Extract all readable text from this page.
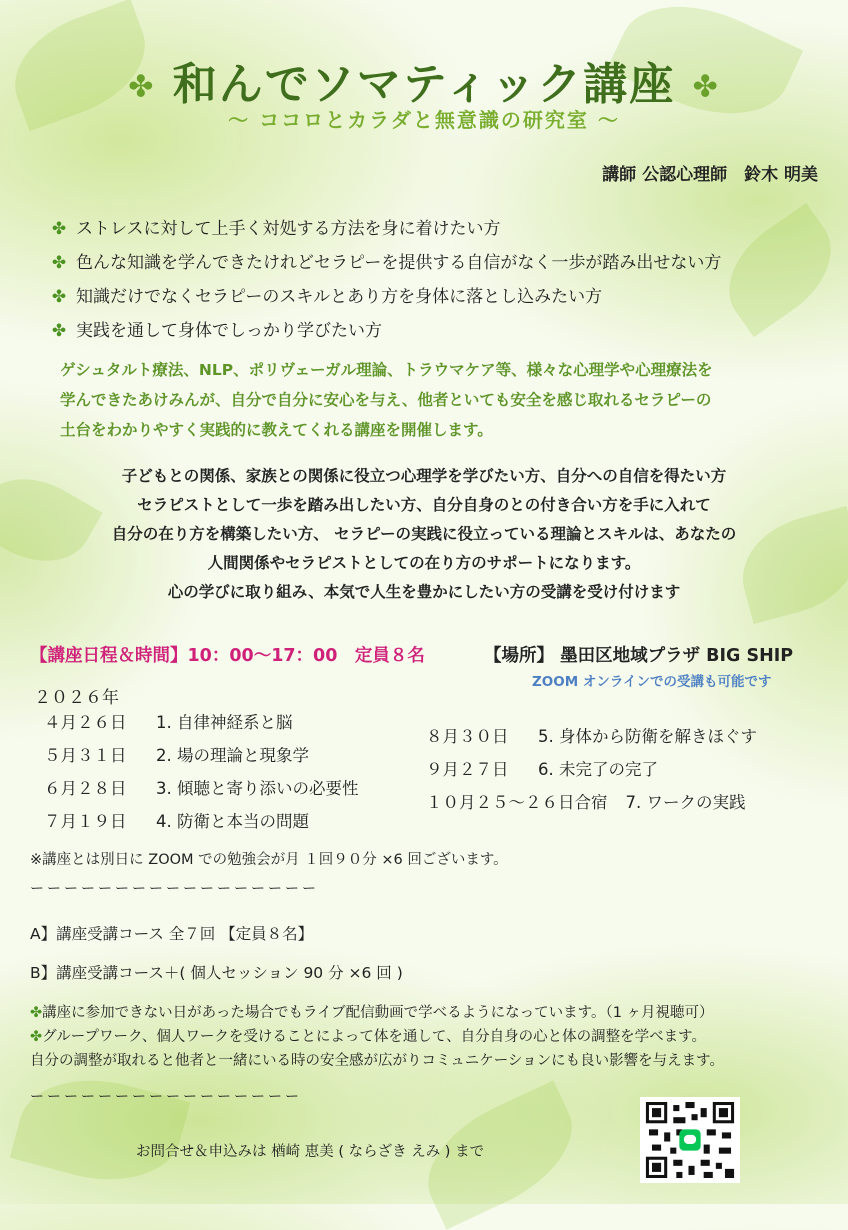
✤ 和んでソマティック講座 ✤
～ ココロとカラダと無意識の研究室 ～
講師 公認心理師　鈴木 明美
✤ ストレスに対して上手く対処する方法を身に着けたい方
✤ 色んな知識を学んできたけれどセラピーを提供する自信がなく一歩が踏み出せない方
✤ 知識だけでなくセラピーのスキルとあり方を身体に落とし込みたい方
✤ 実践を通して身体でしっかり学びたい方
ゲシュタルト療法、NLP、ポリヴェーガル理論、トラウマケア等、様々な心理学や心理療法を
学んできたあけみんが、自分で自分に安心を与え、他者といても安全を感じ取れるセラピーの
土台をわかりやすく実践的に教えてくれる講座を開催します。
子どもとの関係、家族との関係に役立つ心理学を学びたい方、自分への自信を得たい方
セラピストとして一歩を踏み出したい方、自分自身のとの付き合い方を手に入れて
自分の在り方を構築したい方、 セラピーの実践に役立っている理論とスキルは、あなたの
人間関係やセラピストとしての在り方のサポートになります。
心の学びに取り組み、本気で人生を豊かにしたい方の受講を受け付けます
【講座日程＆時間】10：00～17：00　定員８名	【場所】 墨田区地域プラザ BIG SHIP
ZOOM オンラインでの受講も可能です
２０２６年
４月２６日 1. 自律神経系と脳
５月３１日 2. 場の理論と現象学
６月２８日 3. 傾聴と寄り添いの必要性
７月１９日 4. 防衛と本当の問題
８月３０日 5. 身体から防衛を解きほぐす
９月２７日 6. 未完了の完了
１０月２５～２６日合宿 7. ワークの実践
※講座とは別日に ZOOM での勉強会が月 １回９０分 ×6 回ございます。
ーーーーーーーーーーーーーーーーー
A】講座受講コース 全７回 【定員８名】
B】講座受講コース＋( 個人セッション 90 分 ×6 回 )
✤講座に参加できない日があった場合でもライブ配信動画で学べるようになっています。（1 ヶ月視聴可）
✤グループワーク、個人ワークを受けることによって体を通して、自分自身の心と体の調整を学べます。
自分の調整が取れると他者と一緒にいる時の安全感が広がりコミュニケーションにも良い影響を与えます。
ーーーーーーーーーーーーーーーー
お問合せ＆申込みは 楢崎 恵美 ( ならざき えみ ) まで
